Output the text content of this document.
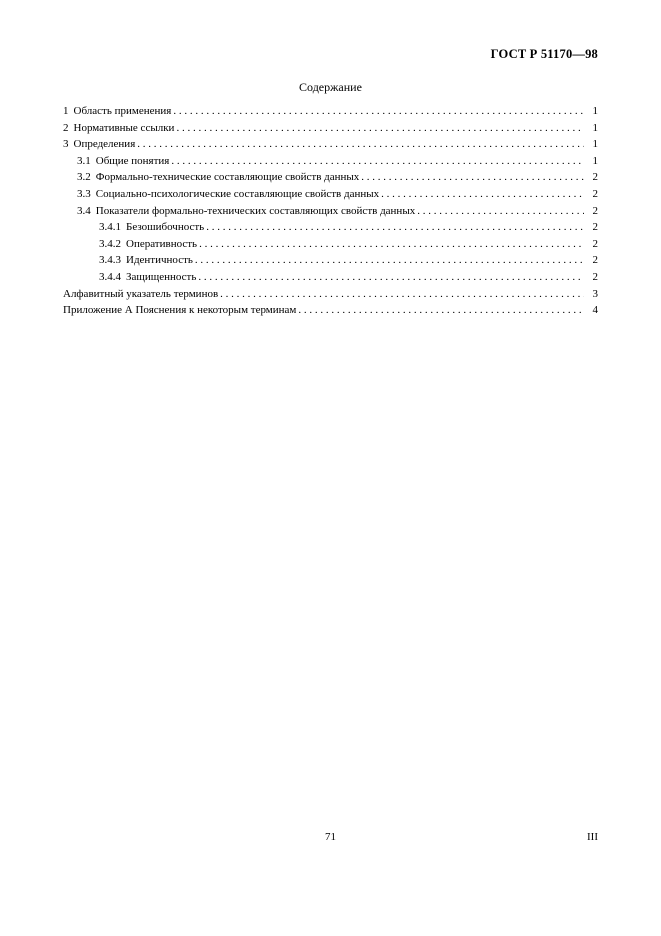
ГОСТ Р 51170—98
Содержание
1 Область применения . . .	1
2 Нормативные ссылки . . .	1
3 Определения . . .	1
3.1 Общие понятия . . .	1
3.2 Формально-технические составляющие свойств данных . . .	2
3.3 Социально-психологические составляющие свойств данных . . .	2
3.4 Показатели формально-технических составляющих свойств данных . . .	2
3.4.1 Безошибочность . . .	2
3.4.2 Оперативность . . .	2
3.4.3 Идентичность . . .	2
3.4.4 Защищенность . . .	2
Алфавитный указатель терминов . . .	3
Приложение А Пояснения к некоторым терминам . . .	4
71	III
